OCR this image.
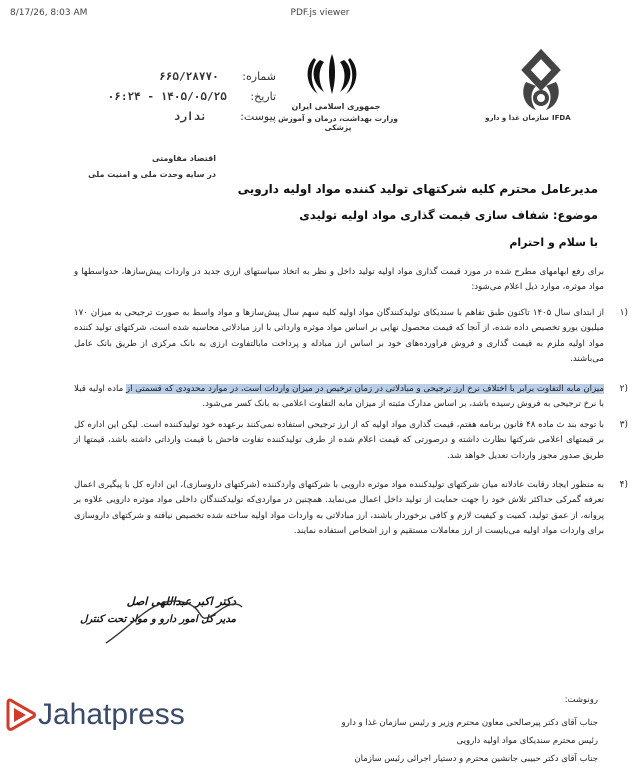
8/17/26, 8:03 AM	PDF.js viewer
شماره: ۶۶۵/۲۸۷۷۰
تاریخ: ۱۴۰۵/۰۵/۲۵ - ۰۶:۲۴
پیوست: ندارد
اقتصاد مقاومتی
در سایه وحدت ملی و امنیت ملی
جمهوری اسلامی ایران
وزارت بهداشت، درمان و آموزش پزشکی
سازمان غذا و دارو IFDA
مدیرعامل محترم کلیه شرکتهای تولید کننده مواد اولیه دارویی
موضوع: شفاف سازی قیمت گذاری مواد اولیه تولیدی
با سلام و احترام
برای رفع ابهامهای مطرح شده در مورد قیمت گذاری مواد اولیه تولید داخل و نظر به اتخاذ سیاستهای ارزی جدید در واردات پیش‌سازها، حدواسطها و مواد موثره، موارد ذیل اعلام می‌شود:
۱)
از ابتدای سال ۱۴۰۵ تاکنون طبق تفاهم با سندیکای تولیدکنندگان مواد اولیه کلیه سهم سال پیش‌سازها و مواد واسط به صورت ترجیحی به میزان ۱۷۰ میلیون یورو تخصیص داده شده، از آنجا که قیمت محصول نهایی بر اساس مواد موثره وارداتی با ارز مبادلاتی محاسبه شده است، شرکتهای تولید کننده مواد اولیه ملزم به قیمت گذاری و فروش فراورده‌های خود بر اساس ارز مبادله و پرداخت مابالتفاوت ارزی به بانک مرکزی از طریق بانک عامل می‌باشند.
۲)
میزان مابه التفاوت برابر با اختلاف نرخ ارز ترجیحی و مبادلاتی در زمان ترخیص در میزان واردات است، در موارد محدودی که قسمتی از ماده اولیه قبلا با نرخ ترجیحی به فروش رسیده باشد، بر اساس مدارک مثبته از میزان مابه التفاوت اعلامی به بانک کسر می‌شود.
۳)
با توجه بند ث ماده ۴۸ قانون برنامه هفتم، قیمت گذاری مواد اولیه که از ارز ترجیحی استفاده نمی‌کنند برعهده خود تولیدکننده است. لیکن این اداره کل بر قیمتهای اعلامی شرکتها نظارت داشته و درصورتی که قیمت اعلام شده از طرف تولیدکننده تفاوت فاحش با قیمت وارداتی داشته باشد، قیمتها از طریق صدور مجوز واردات تعدیل خواهد شد.
۴)
به منظور ایجاد رقابت عادلانه میان شرکتهای تولیدکننده مواد موثره دارویی با شرکتهای واردکننده (شرکتهای داروسازی)، این اداره کل با پیگیری اعمال تعرفه گمرکی حداکثر تلاش خود را جهت حمایت از تولید داخل اعمال می‌نماید. همچنین در مواردی‌که تولیدکنندگان داخلی مواد موثره دارویی علاوه بر پروانه، از عمق تولید، کمیت و کیفیت لازم و کافی برخوردار باشند، ارز مبادلاتی به واردات مواد اولیه ساخته شده تخصیص نیافته و شرکتهای داروسازی برای واردات مواد اولیه می‌بایست از ارز معاملات مستقیم و ارز اشخاص استفاده نمایند.
دکتر اکبر عبداللهی اصل
مدیر کل امور دارو و مواد تحت کنترل
رونوشت:
جناب آقای دکتر پیرصالحی معاون محترم وزیر و رئیس سازمان غذا و دارو
رئیس محترم سندیکای مواد اولیه دارویی
جناب آقای دکتر حبیبی جانشین محترم و دستیار اجرائی رئیس سازمان
Jahatpress
